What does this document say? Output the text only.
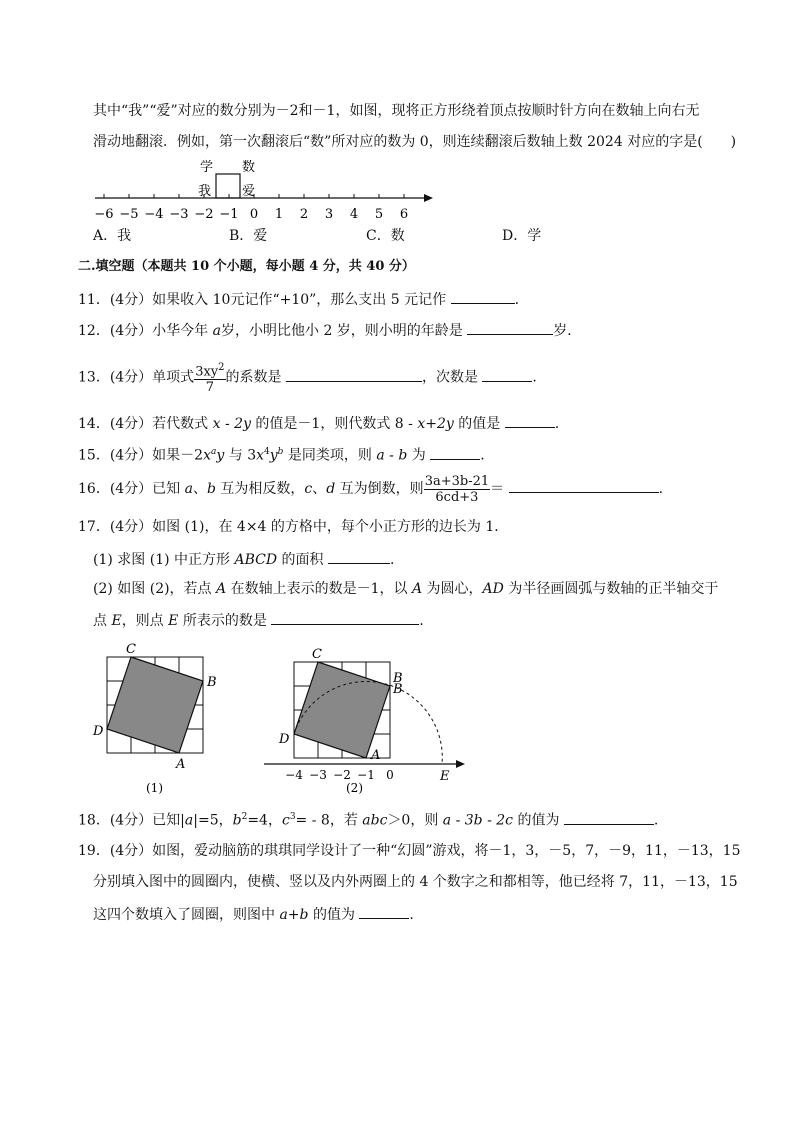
其中“我”“爱”对应的数分别为－2和－1，如图，现将正方形绕着顶点按顺时针方向在数轴上向右无
滑动地翻滚．例如，第一次翻滚后“数”所对应的数为 0，则连续翻滚后数轴上数 2024 对应的字是(　　)
学 数
我 爱
−6 −5 −4 −3 −2 −1 0 1 2 3 4 5 6
A．我	B．爱	C．数	D．学
二.填空题（本题共 10 个小题，每小题 4 分，共 40 分）
11．(4分）如果收入 10元记作“+10”，那么支出 5 元记作	.
12．(4分）小华今年 a岁，小明比他小 2 岁，则小明的年龄是	岁．
13．(4分）单项式 $\frac{3xy^2}{7}$ 的系数是	，次数是	.
14．(4分）若代数式 x - 2y 的值是－1，则代数式 8 - x+2y 的值是	.
15．(4分）如果$-2x^ay$ 与 $3x^4y^b$ 是同类项，则 a - b 为	.
16．(4分）已知 a、b 互为相反数，c、d 互为倒数，则 $\frac{3a+3b-21}{6cd+3}$ ＝	.
17．(4分）如图 (1)，在 4×4 的方格中，每个小正方形的边长为 1．
(1) 求图 (1) 中正方形 ABCD 的面积	.
(2) 如图 (2)，若点 A 在数轴上表示的数是－1，以 A 为圆心，AD 为半径画圆弧与数轴的正半轴交于
点 E，则点 E 所表示的数是	.
C
B
A
D
(1)
−4 −3 −2 −1 0
C
B
B
D
A
E
(2)
18．(4分）已知|a|=5，$b^2=4$，$c^3= - 8$，若 abc＞0，则 a - 3b - 2c 的值为	.
19．(4分）如图，爱动脑筋的琪琪同学设计了一种“幻圆”游戏，将－1，3，－5，7，－9，11，－13，15
分别填入图中的圆圈内，使横、竖以及内外两圈上的 4 个数字之和都相等，他已经将 7，11，－13，15
这四个数填入了圆圈，则图中 a+b 的值为	.
